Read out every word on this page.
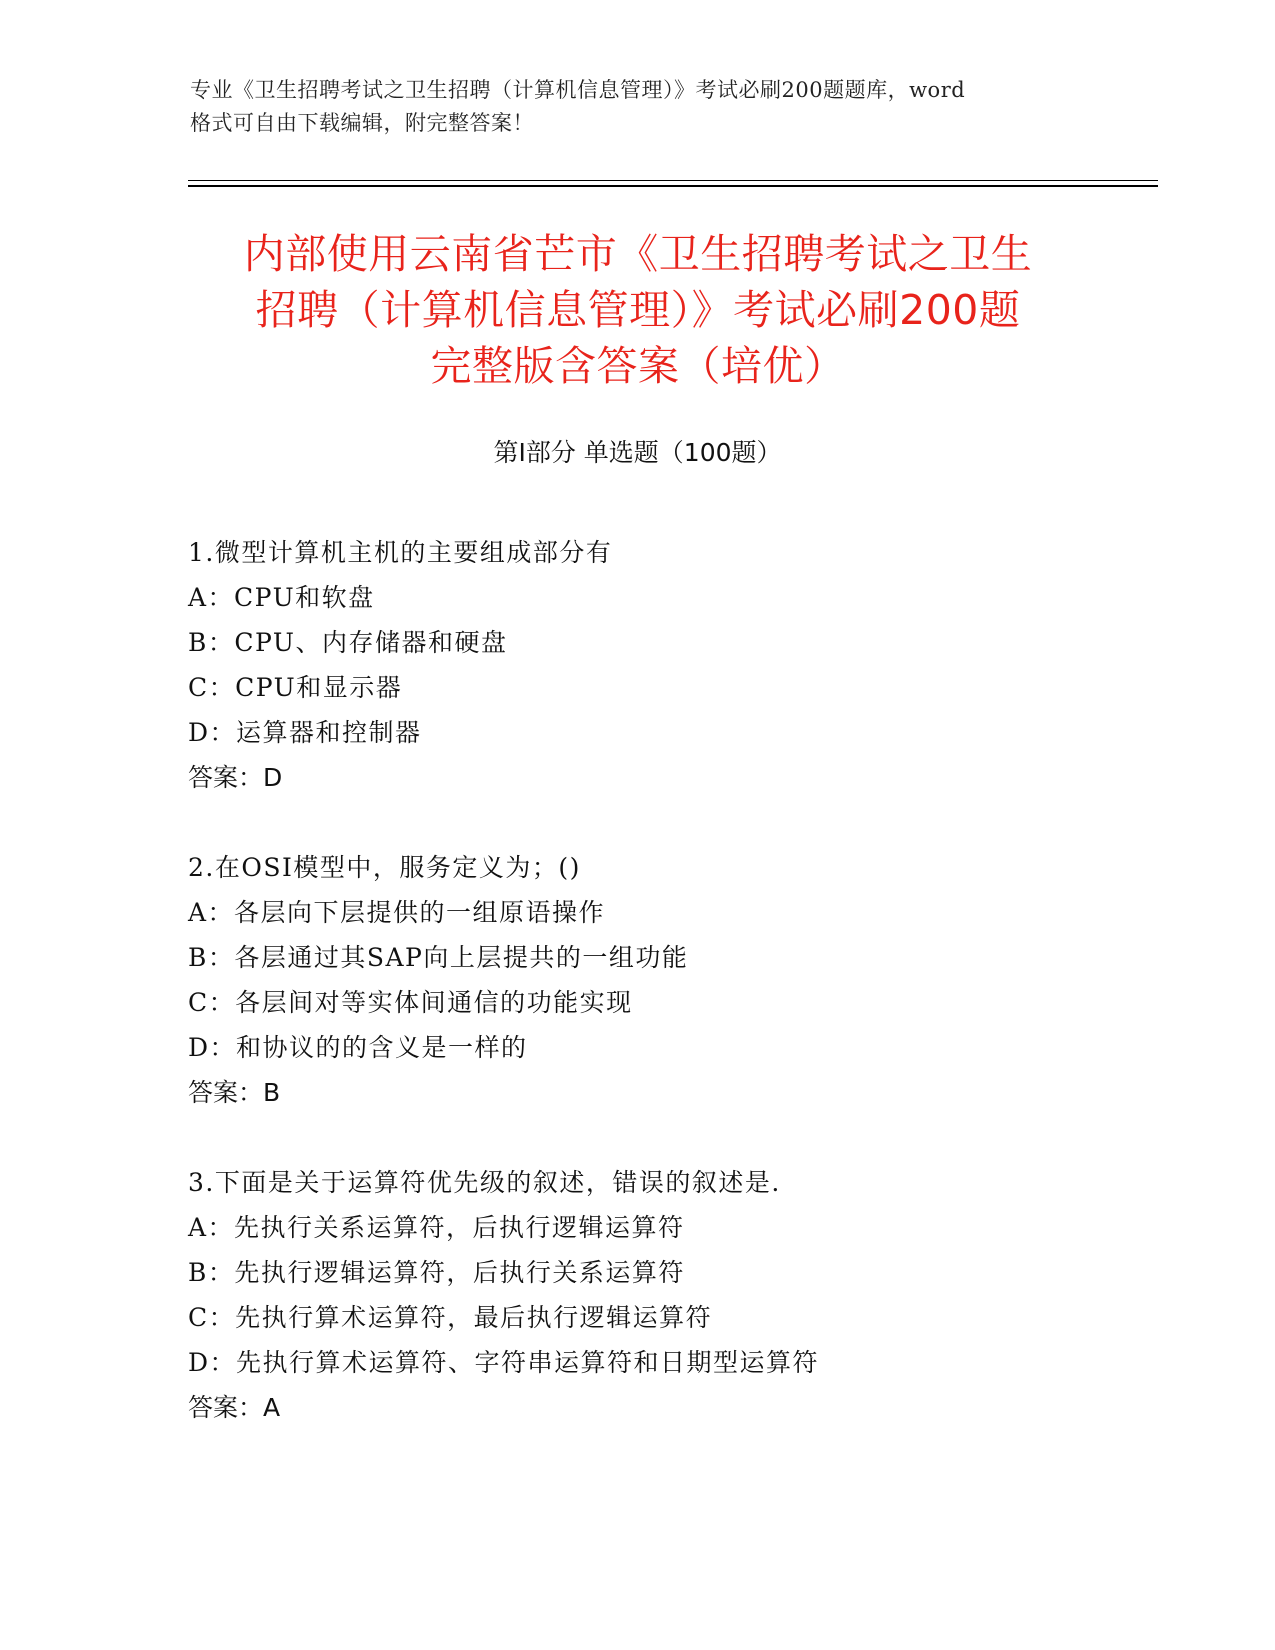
专业《卫生招聘考试之卫生招聘（计算机信息管理）》考试必刷200题题库，word
格式可自由下载编辑，附完整答案！
内部使用云南省芒市《卫生招聘考试之卫生
招聘（计算机信息管理）》考试必刷200题
完整版含答案（培优）
第Ⅰ部分 单选题（100题）
1.微型计算机主机的主要组成部分有
A：CPU和软盘
B：CPU、内存储器和硬盘
C：CPU和显示器
D：运算器和控制器
答案：D
2.在OSI模型中，服务定义为；()
A：各层向下层提供的一组原语操作
B：各层通过其SAP向上层提共的一组功能
C：各层间对等实体间通信的功能实现
D：和协议的的含义是一样的
答案：B
3.下面是关于运算符优先级的叙述，错误的叙述是.
A：先执行关系运算符，后执行逻辑运算符
B：先执行逻辑运算符，后执行关系运算符
C：先执行算术运算符，最后执行逻辑运算符
D：先执行算术运算符、字符串运算符和日期型运算符
答案：A
